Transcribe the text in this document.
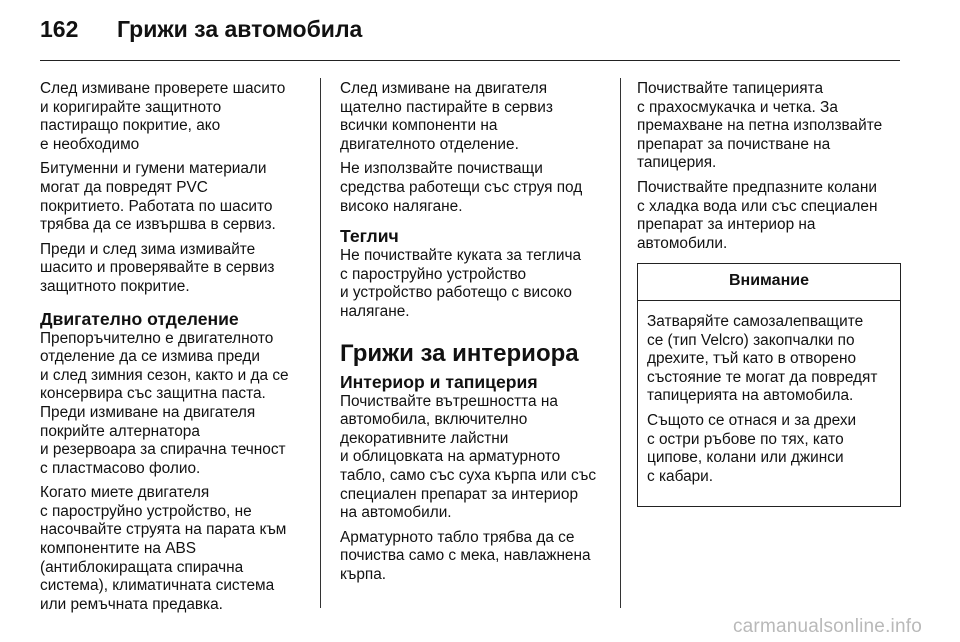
162 Грижи за автомобила

След измиване проверете шасито
и коригирайте защитното
пастиращо покритие, ако
е необходимо

Битуменни и гумени материали
могат да повредят PVC
покритието. Работата по шасито
трябва да се извършва в сервиз.

Преди и след зима измивайте
шасито и проверявайте в сервиз
защитното покритие.

Двигателно отделение

Препоръчително е двигателното
отделение да се измива преди
и след зимния сезон, както и да се
консервира със защитна паста.
Преди измиване на двигателя
покрийте алтернатора
и резервоара за спирачна течност
с пластмасово фолио.

Когато миете двигателя
с пароструйно устройство, не
насочвайте струята на парата към
компонентите на ABS
(антиблокиращата спирачна
система), климатичната система
или ремъчната предавка.

След измиване на двигателя
щателно пастирайте в сервиз
всички компоненти на
двигателното отделение.

Не използвайте почистващи
средства работещи със струя под
високо налягане.

Теглич

Не почиствайте куката за теглича
с пароструйно устройство
и устройство работещо с високо
налягане.

Грижи за интериора
Интериор и тапицерия

Почиствайте вътрешността на
автомобила, включително
декоративните лайстни
и облицовката на арматурното
табло, само със суха кърпа или със
специален препарат за интериор
на автомобили.

Арматурното табло трябва да се
почиства само с мека, навлажнена
кърпа.

Почиствайте тапицерията
с прахосмукачка и четка. За
премахване на петна използвайте
препарат за почистване на
тапицерия.

Почиствайте предпазните колани
с хладка вода или със специален
препарат за интериор на
автомобили.

Внимание

Затваряйте самозалепващите
се (тип Velcro) закопчалки по
дрехите, тъй като в отворено
състояние те могат да повредят
тапицерията на автомобила.

Същото се отнася и за дрехи
с остри ръбове по тях, като
ципове, колани или джинси
с кабари.

carmanualsonline.info
